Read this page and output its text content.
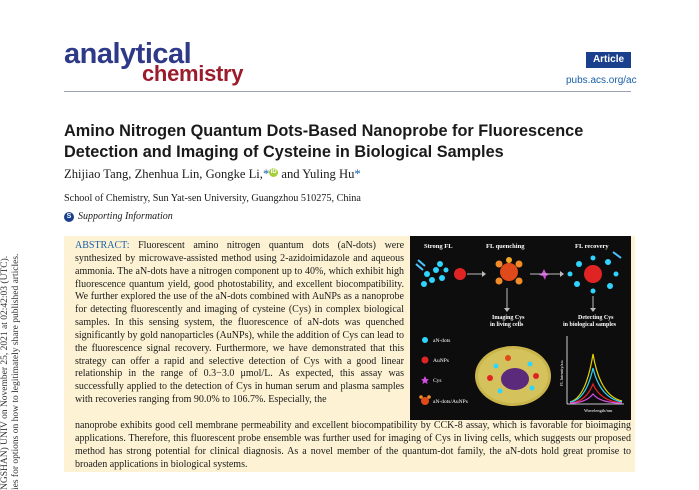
NGSHAN) UNIV on November 25, 2021 at 02:42:03 (UTC). ies for options on how to legitimately share published articles.
analytical
chemistry
Article
pubs.acs.org/ac
Amino Nitrogen Quantum Dots-Based Nanoprobe for Fluorescence Detection and Imaging of Cysteine in Biological Samples
Zhijiao Tang, Zhenhua Lin, Gongke Li,* iD and Yuling Hu*
School of Chemistry, Sun Yat-sen University, Guangzhou 510275, China
S Supporting Information

ABSTRACT: Fluorescent amino nitrogen quantum dots (aN-dots) were synthesized by microwave-assisted method using 2-azidoimidazole and aqueous ammonia. The aN-dots have a nitrogen component up to 40%, which exhibit high fluorescence quantum yield, good photostability, and excellent biocompatibility. We further explored the use of the aN-dots combined with AuNPs as a nanoprobe for detecting fluorescently and imaging of cysteine (Cys) in complex biological samples. In this sensing system, the fluorescence of aN-dots was quenched significantly by gold nanoparticles (AuNPs), while the addition of Cys can lead to the fluorescence signal recovery. Furthermore, we have demonstrated that this strategy can offer a rapid and selective detection of Cys with a good linear relationship in the range of 0.3−3.0 μmol/L. As expected, this assay was successfully applied to the detection of Cys in human serum and plasma samples with recoveries ranging from 90.0% to 106.7%. Especially, the

Strong FL	FL quenching	FL recovery
Imaging Cys
in living cells
Detecting Cys
in biological samples
aN-dots
AuNPs
Cys
aN-dots/AuNPs
FL Intensity/a.u.
Wavelength/nm

nanoprobe exhibits good cell membrane permeability and excellent biocompatibility by CCK-8 assay, which is favorable for bioimaging applications. Therefore, this fluorescent probe ensemble was further used for imaging of Cys in living cells, which suggests our proposed method has strong potential for clinical diagnosis. As a novel member of the quantum-dot family, the aN-dots hold great promise to broaden applications in biological systems.
